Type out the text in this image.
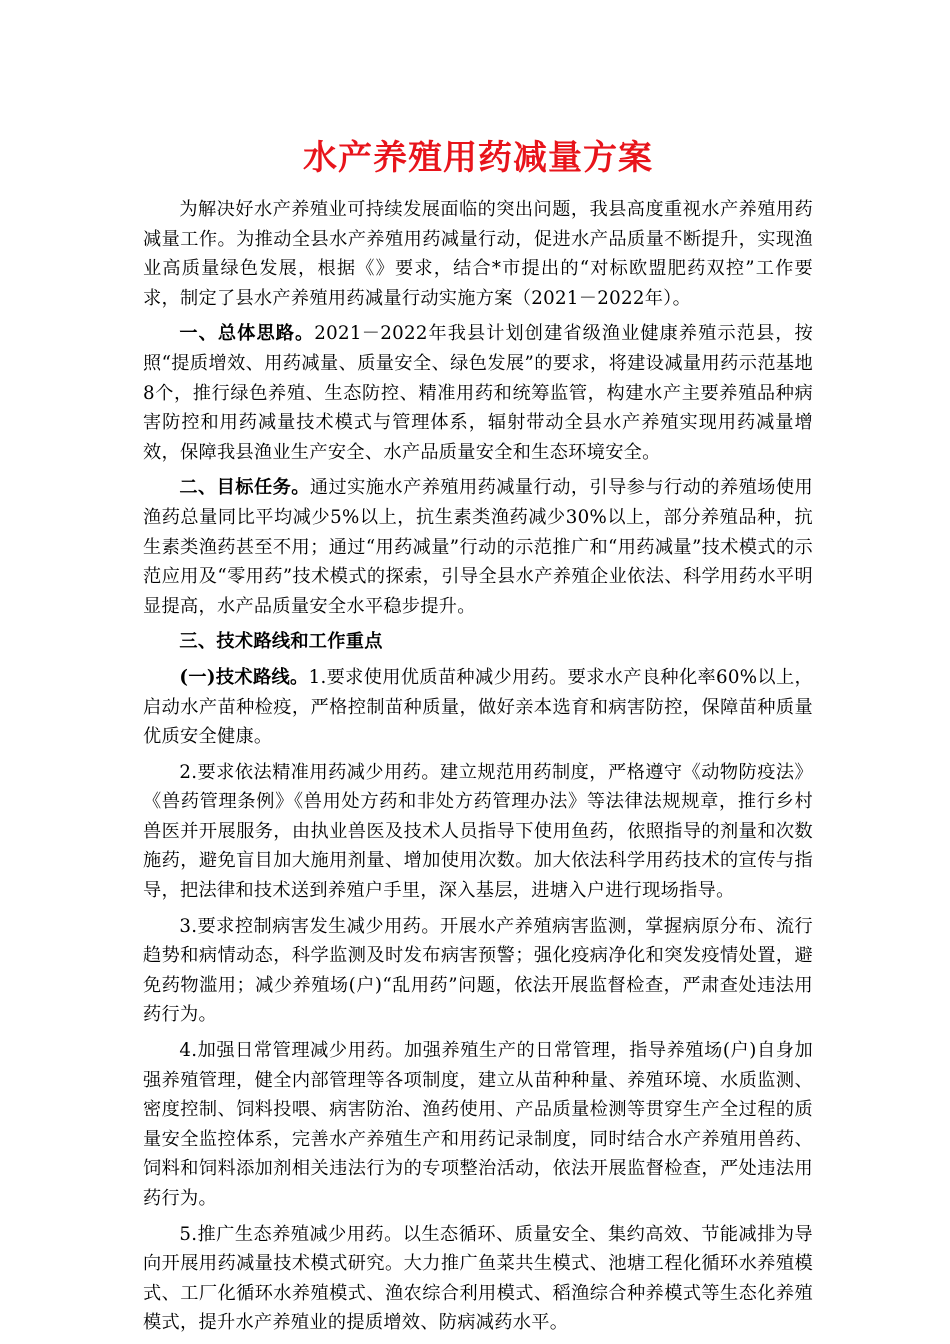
水产养殖用药减量方案

为解决好水产养殖业可持续发展面临的突出问题，我县高度重视水产养殖用药减量工作。为推动全县水产养殖用药减量行动，促进水产品质量不断提升，实现渔业高质量绿色发展，根据《》要求，结合*市提出的“对标欧盟肥药双控”工作要求，制定了县水产养殖用药减量行动实施方案（2021－2022年）。

一、总体思路。2021－2022年我县计划创建省级渔业健康养殖示范县，按照“提质增效、用药减量、质量安全、绿色发展”的要求，将建设减量用药示范基地8个，推行绿色养殖、生态防控、精准用药和统筹监管，构建水产主要养殖品种病害防控和用药减量技术模式与管理体系，辐射带动全县水产养殖实现用药减量增效，保障我县渔业生产安全、水产品质量安全和生态环境安全。

二、目标任务。通过实施水产养殖用药减量行动，引导参与行动的养殖场使用渔药总量同比平均减少5%以上，抗生素类渔药减少30%以上，部分养殖品种，抗生素类渔药甚至不用；通过“用药减量”行动的示范推广和“用药减量”技术模式的示范应用及“零用药”技术模式的探索，引导全县水产养殖企业依法、科学用药水平明显提高，水产品质量安全水平稳步提升。

三、技术路线和工作重点

(一)技术路线。1.要求使用优质苗种减少用药。要求水产良种化率60%以上，启动水产苗种检疫，严格控制苗种质量，做好亲本选育和病害防控，保障苗种质量优质安全健康。

2.要求依法精准用药减少用药。建立规范用药制度，严格遵守《动物防疫法》《兽药管理条例》《兽用处方药和非处方药管理办法》等法律法规规章，推行乡村兽医并开展服务，由执业兽医及技术人员指导下使用鱼药，依照指导的剂量和次数施药，避免盲目加大施用剂量、增加使用次数。加大依法科学用药技术的宣传与指导，把法律和技术送到养殖户手里，深入基层，进塘入户进行现场指导。

3.要求控制病害发生减少用药。开展水产养殖病害监测，掌握病原分布、流行趋势和病情动态，科学监测及时发布病害预警；强化疫病净化和突发疫情处置，避免药物滥用；减少养殖场(户)“乱用药”问题，依法开展监督检查，严肃查处违法用药行为。

4.加强日常管理减少用药。加强养殖生产的日常管理，指导养殖场(户)自身加强养殖管理，健全内部管理等各项制度，建立从苗种种量、养殖环境、水质监测、密度控制、饲料投喂、病害防治、渔药使用、产品质量检测等贯穿生产全过程的质量安全监控体系，完善水产养殖生产和用药记录制度，同时结合水产养殖用兽药、饲料和饲料添加剂相关违法行为的专项整治活动，依法开展监督检查，严处违法用药行为。

5.推广生态养殖减少用药。以生态循环、质量安全、集约高效、节能减排为导向开展用药减量技术模式研究。大力推广鱼菜共生模式、池塘工程化循环水养殖模式、工厂化循环水养殖模式、渔农综合利用模式、稻渔综合种养模式等生态化养殖模式，提升水产养殖业的提质增效、防病减药水平。
